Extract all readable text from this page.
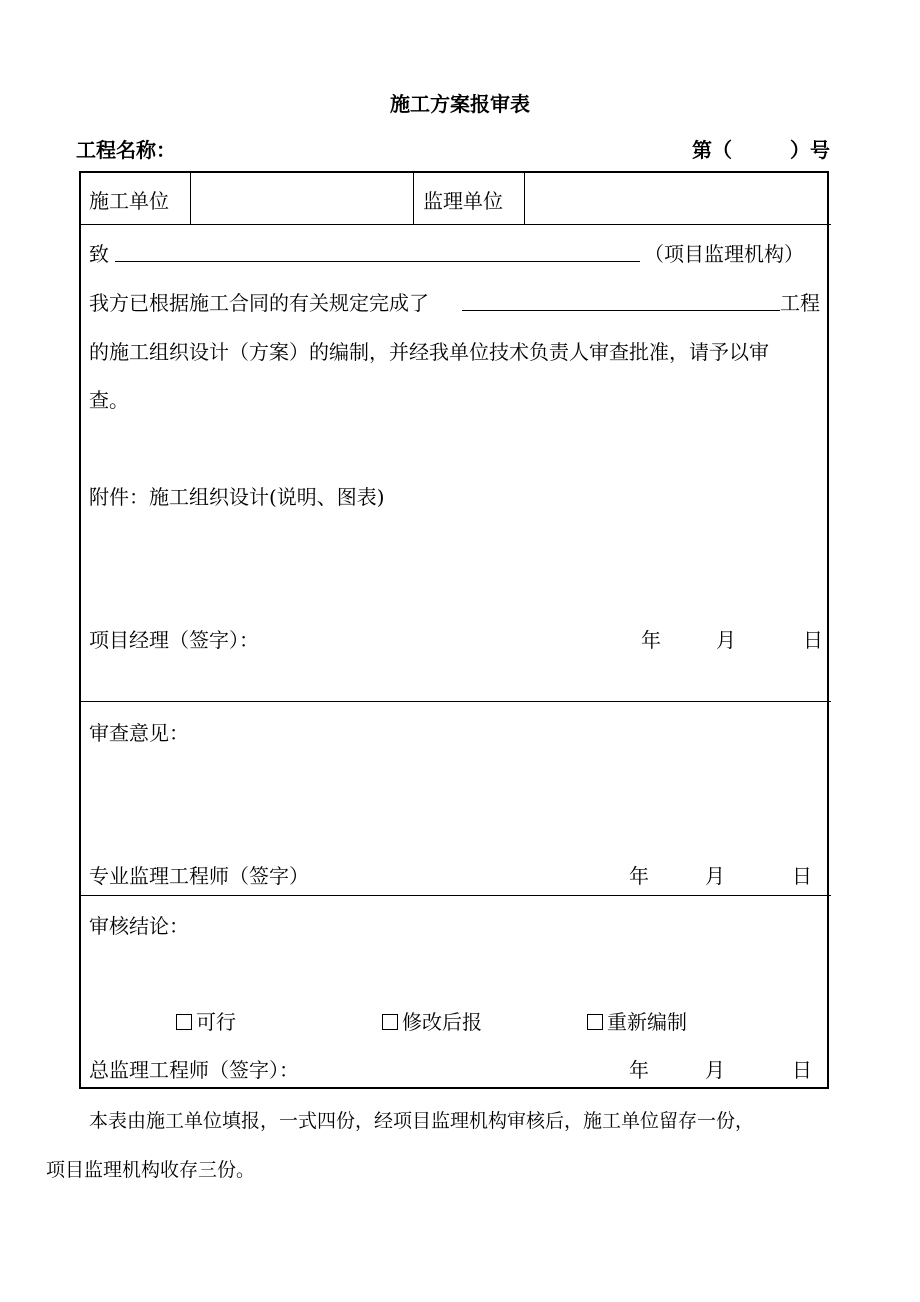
施工方案报审表
工程名称：	第（	）号
施工单位	监理单位
致	（项目监理机构）
我方已根据施工合同的有关规定完成了	工程
的施工组织设计（方案）的编制，并经我单位技术负责人审查批准，请予以审
查。
附件：施工组织设计(说明、图表)
项目经理（签字）：	年	月	日
审查意见：
专业监理工程师（签字）	年	月	日
审核结论：
可行	修改后报	重新编制
总监理工程师（签字）：	年	月	日
本表由施工单位填报，一式四份，经项目监理机构审核后，施工单位留存一份，
项目监理机构收存三份。
